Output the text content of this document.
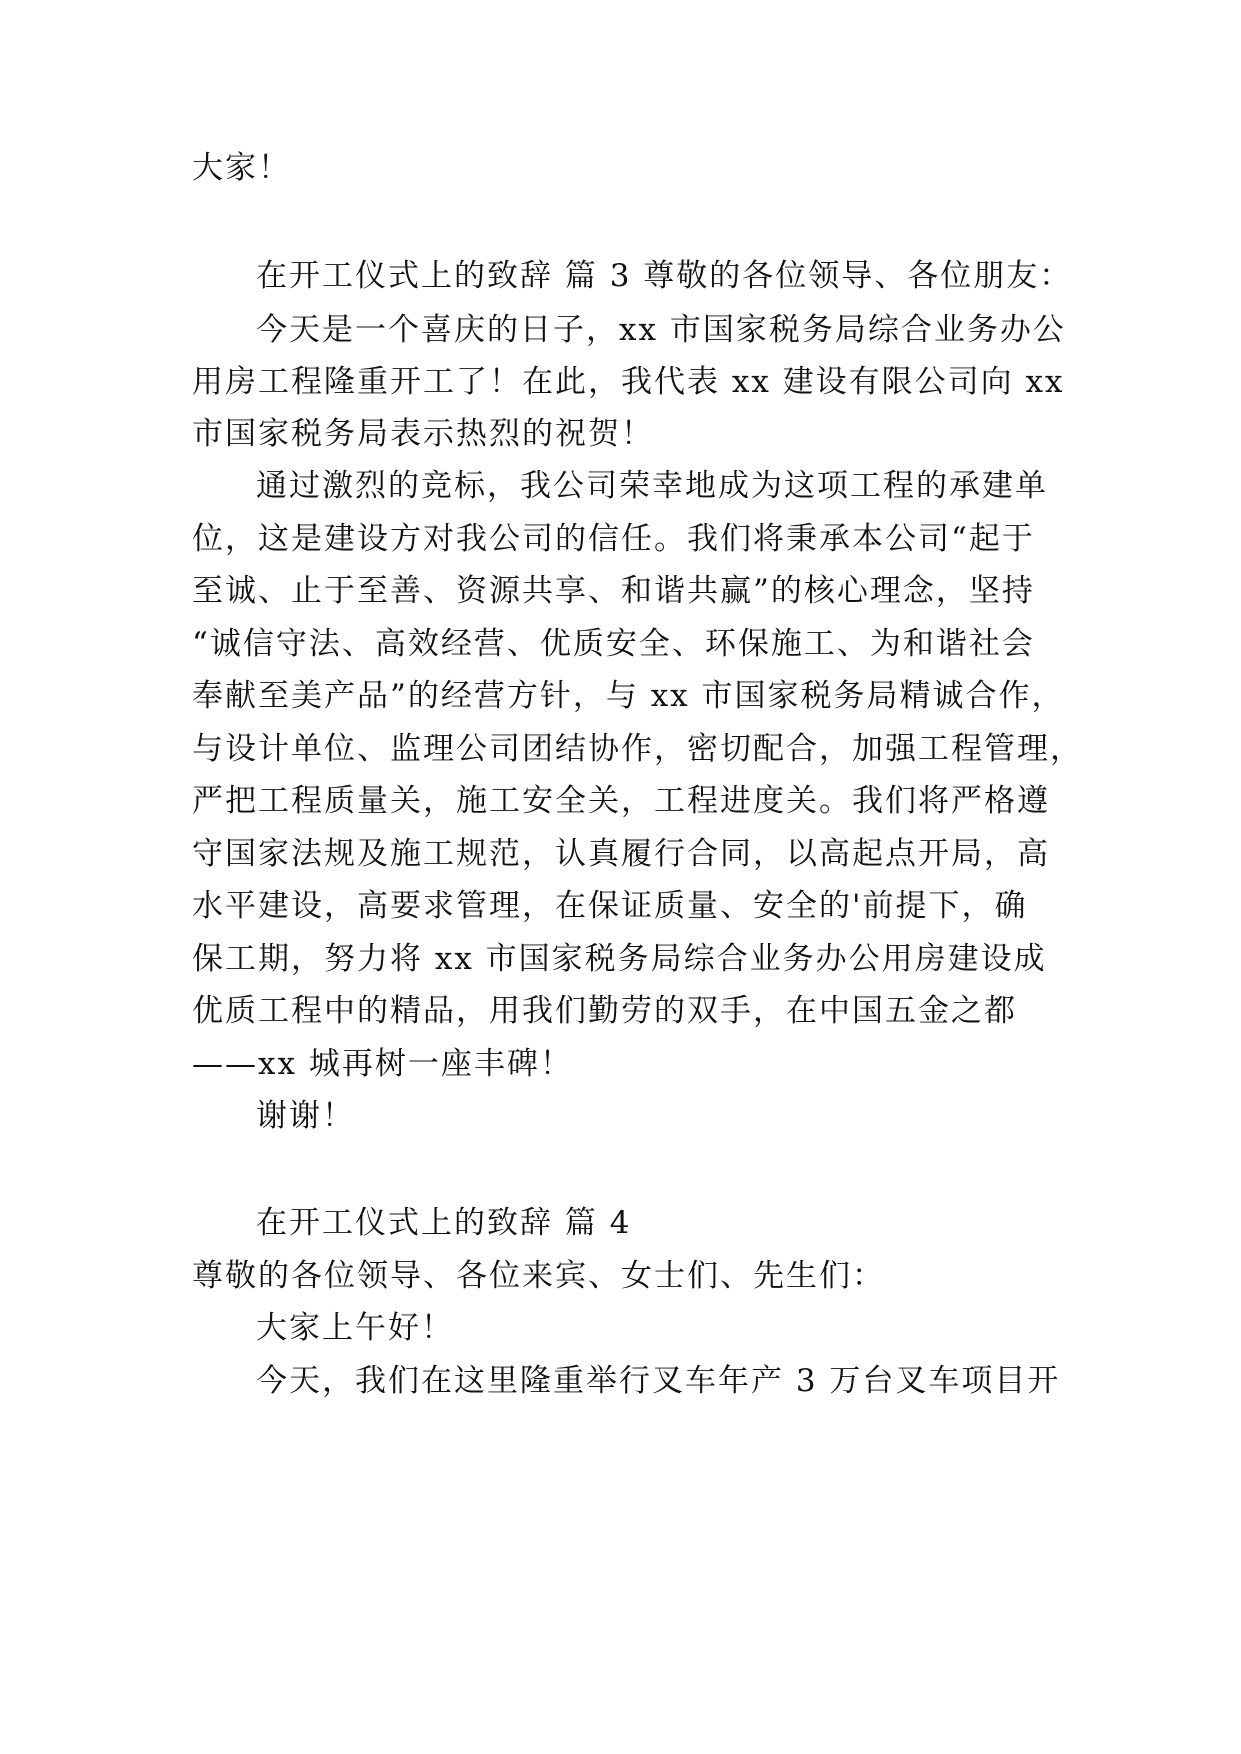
大家！
在开工仪式上的致辞 篇 3 尊敬的各位领导、各位朋友：
今天是一个喜庆的日子，xx 市国家税务局综合业务办公
用房工程隆重开工了！在此，我代表 xx 建设有限公司向 xx
市国家税务局表示热烈的祝贺！
通过激烈的竞标，我公司荣幸地成为这项工程的承建单
位，这是建设方对我公司的信任。我们将秉承本公司“起于
至诚、止于至善、资源共享、和谐共赢”的核心理念，坚持
“诚信守法、高效经营、优质安全、环保施工、为和谐社会
奉献至美产品”的经营方针，与 xx 市国家税务局精诚合作，
与设计单位、监理公司团结协作，密切配合，加强工程管理，
严把工程质量关，施工安全关，工程进度关。我们将严格遵
守国家法规及施工规范，认真履行合同，以高起点开局，高
水平建设，高要求管理，在保证质量、安全的'前提下，确
保工期，努力将 xx 市国家税务局综合业务办公用房建设成
优质工程中的精品，用我们勤劳的双手，在中国五金之都
——xx 城再树一座丰碑！
谢谢！
在开工仪式上的致辞 篇 4
尊敬的各位领导、各位来宾、女士们、先生们：
大家上午好！
今天，我们在这里隆重举行叉车年产 3 万台叉车项目开
